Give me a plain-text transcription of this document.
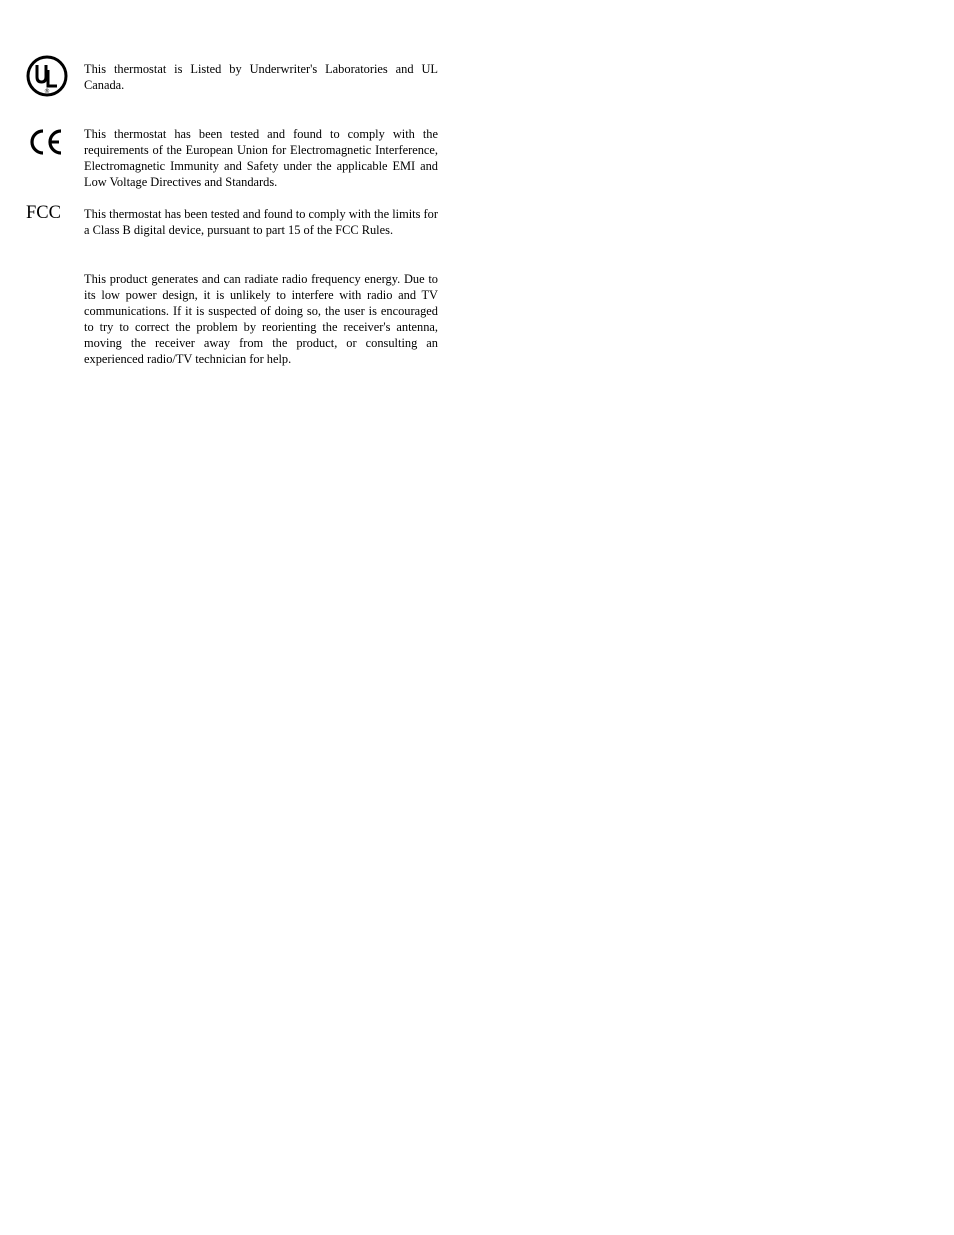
®

This thermostat is Listed by Underwriter's Laboratories and UL Canada.

This thermostat has been tested and found to comply with the requirements of the European Union for Electromagnetic Interference, Electromagnetic Immunity and Safety under the applicable EMI and Low Voltage Directives and Standards.

FCC This thermostat has been tested and found to comply with the limits for a Class B digital device, pursuant to part 15 of the FCC Rules.

This product generates and can radiate radio frequency energy. Due to its low power design, it is unlikely to interfere with radio and TV communications. If it is suspected of doing so, the user is encouraged to try to correct the problem by reorienting the receiver's antenna, moving the receiver away from the product, or consulting an experienced radio/TV technician for help.
